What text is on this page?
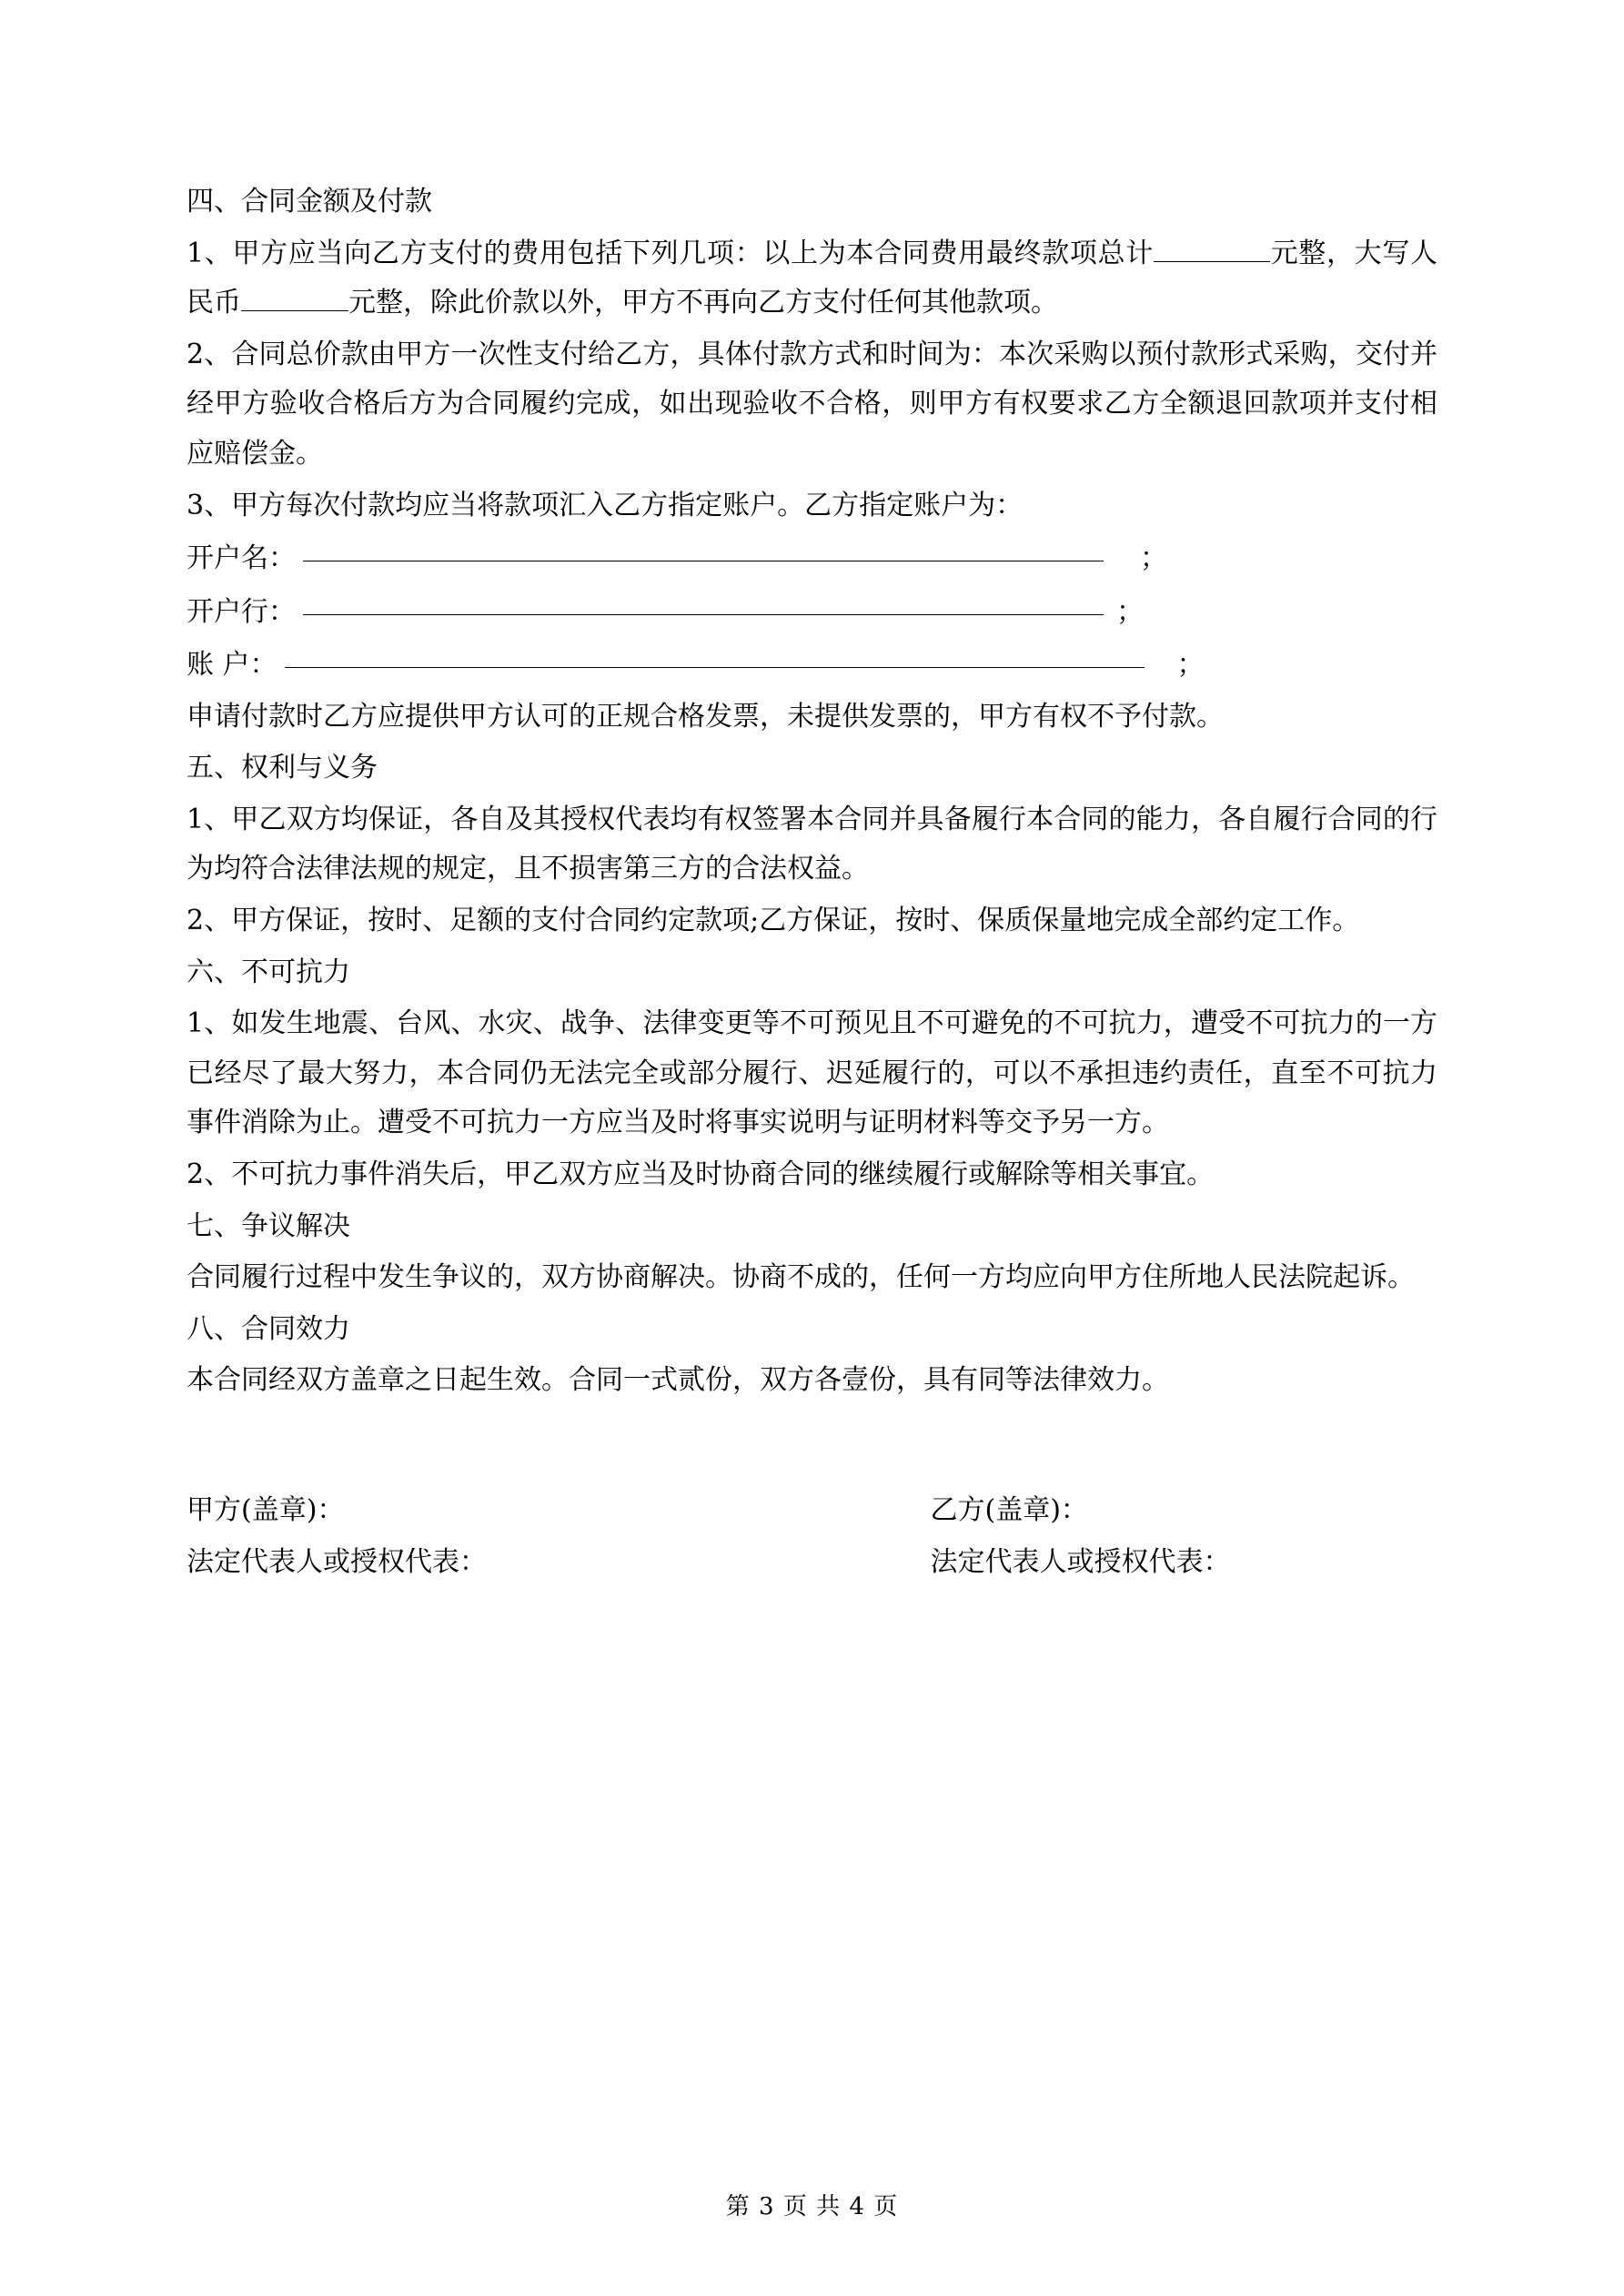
四、合同金额及付款
1、甲方应当向乙方支付的费用包括下列几项：以上为本合同费用最终款项总计	元整，大写人民币	元整，除此价款以外，甲方不再向乙方支付任何其他款项。
2、合同总价款由甲方一次性支付给乙方，具体付款方式和时间为：本次采购以预付款形式采购，交付并经甲方验收合格后方为合同履约完成，如出现验收不合格，则甲方有权要求乙方全额退回款项并支付相应赔偿金。
3、甲方每次付款均应当将款项汇入乙方指定账户。乙方指定账户为：
开户名：	；
开户行：	；
账 户：	；
申请付款时乙方应提供甲方认可的正规合格发票，未提供发票的，甲方有权不予付款。
五、权利与义务
1、甲乙双方均保证，各自及其授权代表均有权签署本合同并具备履行本合同的能力，各自履行合同的行为均符合法律法规的规定，且不损害第三方的合法权益。
2、甲方保证，按时、足额的支付合同约定款项;乙方保证，按时、保质保量地完成全部约定工作。
六、不可抗力
1、如发生地震、台风、水灾、战争、法律变更等不可预见且不可避免的不可抗力，遭受不可抗力的一方已经尽了最大努力，本合同仍无法完全或部分履行、迟延履行的，可以不承担违约责任，直至不可抗力事件消除为止。遭受不可抗力一方应当及时将事实说明与证明材料等交予另一方。
2、不可抗力事件消失后，甲乙双方应当及时协商合同的继续履行或解除等相关事宜。
七、争议解决
合同履行过程中发生争议的，双方协商解决。协商不成的，任何一方均应向甲方住所地人民法院起诉。
八、合同效力
本合同经双方盖章之日起生效。合同一式贰份，双方各壹份，具有同等法律效力。
甲方(盖章)：	乙方(盖章)：
法定代表人或授权代表：	法定代表人或授权代表：
第 3 页 共 4 页
